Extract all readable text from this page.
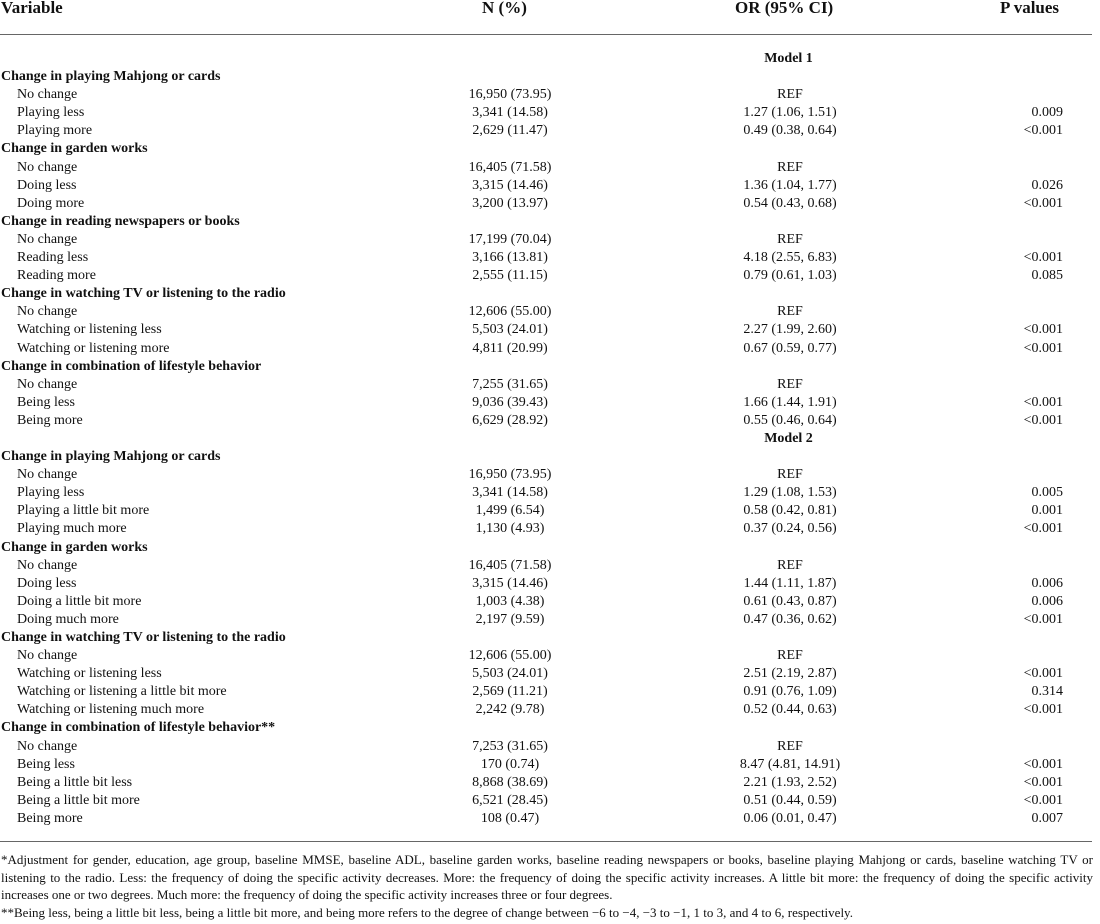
Variable	N (%)	OR (95% CI)	P values
Model 1
Change in playing Mahjong or cards
No change	16,950 (73.95)	REF
Playing less	3,341 (14.58)	1.27 (1.06, 1.51)	0.009
Playing more	2,629 (11.47)	0.49 (0.38, 0.64)	<0.001
Change in garden works
No change	16,405 (71.58)	REF
Doing less	3,315 (14.46)	1.36 (1.04, 1.77)	0.026
Doing more	3,200 (13.97)	0.54 (0.43, 0.68)	<0.001
Change in reading newspapers or books
No change	17,199 (70.04)	REF
Reading less	3,166 (13.81)	4.18 (2.55, 6.83)	<0.001
Reading more	2,555 (11.15)	0.79 (0.61, 1.03)	0.085
Change in watching TV or listening to the radio
No change	12,606 (55.00)	REF
Watching or listening less	5,503 (24.01)	2.27 (1.99, 2.60)	<0.001
Watching or listening more	4,811 (20.99)	0.67 (0.59, 0.77)	<0.001
Change in combination of lifestyle behavior
No change	7,255 (31.65)	REF
Being less	9,036 (39.43)	1.66 (1.44, 1.91)	<0.001
Being more	6,629 (28.92)	0.55 (0.46, 0.64)	<0.001
Model 2
Change in playing Mahjong or cards
No change	16,950 (73.95)	REF
Playing less	3,341 (14.58)	1.29 (1.08, 1.53)	0.005
Playing a little bit more	1,499 (6.54)	0.58 (0.42, 0.81)	0.001
Playing much more	1,130 (4.93)	0.37 (0.24, 0.56)	<0.001
Change in garden works
No change	16,405 (71.58)	REF
Doing less	3,315 (14.46)	1.44 (1.11, 1.87)	0.006
Doing a little bit more	1,003 (4.38)	0.61 (0.43, 0.87)	0.006
Doing much more	2,197 (9.59)	0.47 (0.36, 0.62)	<0.001
Change in watching TV or listening to the radio
No change	12,606 (55.00)	REF
Watching or listening less	5,503 (24.01)	2.51 (2.19, 2.87)	<0.001
Watching or listening a little bit more	2,569 (11.21)	0.91 (0.76, 1.09)	0.314
Watching or listening much more	2,242 (9.78)	0.52 (0.44, 0.63)	<0.001
Change in combination of lifestyle behavior**
No change	7,253 (31.65)	REF
Being less	170 (0.74)	8.47 (4.81, 14.91)	<0.001
Being a little bit less	8,868 (38.69)	2.21 (1.93, 2.52)	<0.001
Being a little bit more	6,521 (28.45)	0.51 (0.44, 0.59)	<0.001
Being more	108 (0.47)	0.06 (0.01, 0.47)	0.007

*Adjustment for gender, education, age group, baseline MMSE, baseline ADL, baseline garden works, baseline reading newspapers or books, baseline playing Mahjong or cards, baseline watching TV or listening to the radio. Less: the frequency of doing the specific activity decreases. More: the frequency of doing the specific activity increases. A little bit more: the frequency of doing the specific activity increases one or two degrees. Much more: the frequency of doing the specific activity increases three or four degrees.

**Being less, being a little bit less, being a little bit more, and being more refers to the degree of change between −6 to −4, −3 to −1, 1 to 3, and 4 to 6, respectively.
